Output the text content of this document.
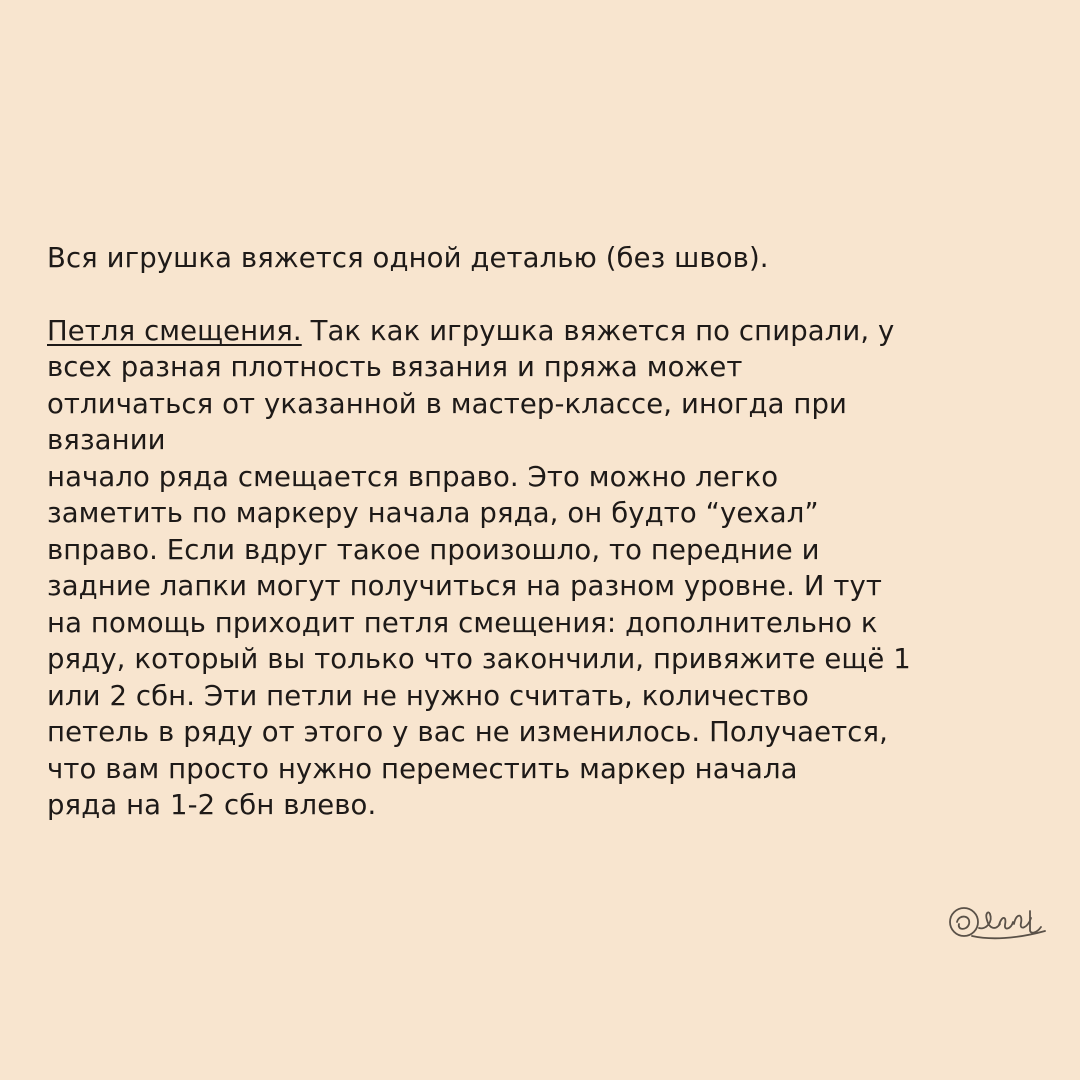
Вся игрушка вяжется одной деталью (без швов).

Петля смещения. Так как игрушка вяжется по спирали, у
всех разная плотность вязания и пряжа может
отличаться от указанной в мастер-классе, иногда при
вязании
начало ряда смещается вправо. Это можно легко
заметить по маркеру начала ряда, он будто “уехал”
вправо. Если вдруг такое произошло, то передние и
задние лапки могут получиться на разном уровне. И тут
на помощь приходит петля смещения: дополнительно к
ряду, который вы только что закончили, привяжите ещё 1
или 2 сбн. Эти петли не нужно считать, количество
петель в ряду от этого у вас не изменилось. Получается,
что вам просто нужно переместить маркер начала
ряда на 1-2 сбн влево.
